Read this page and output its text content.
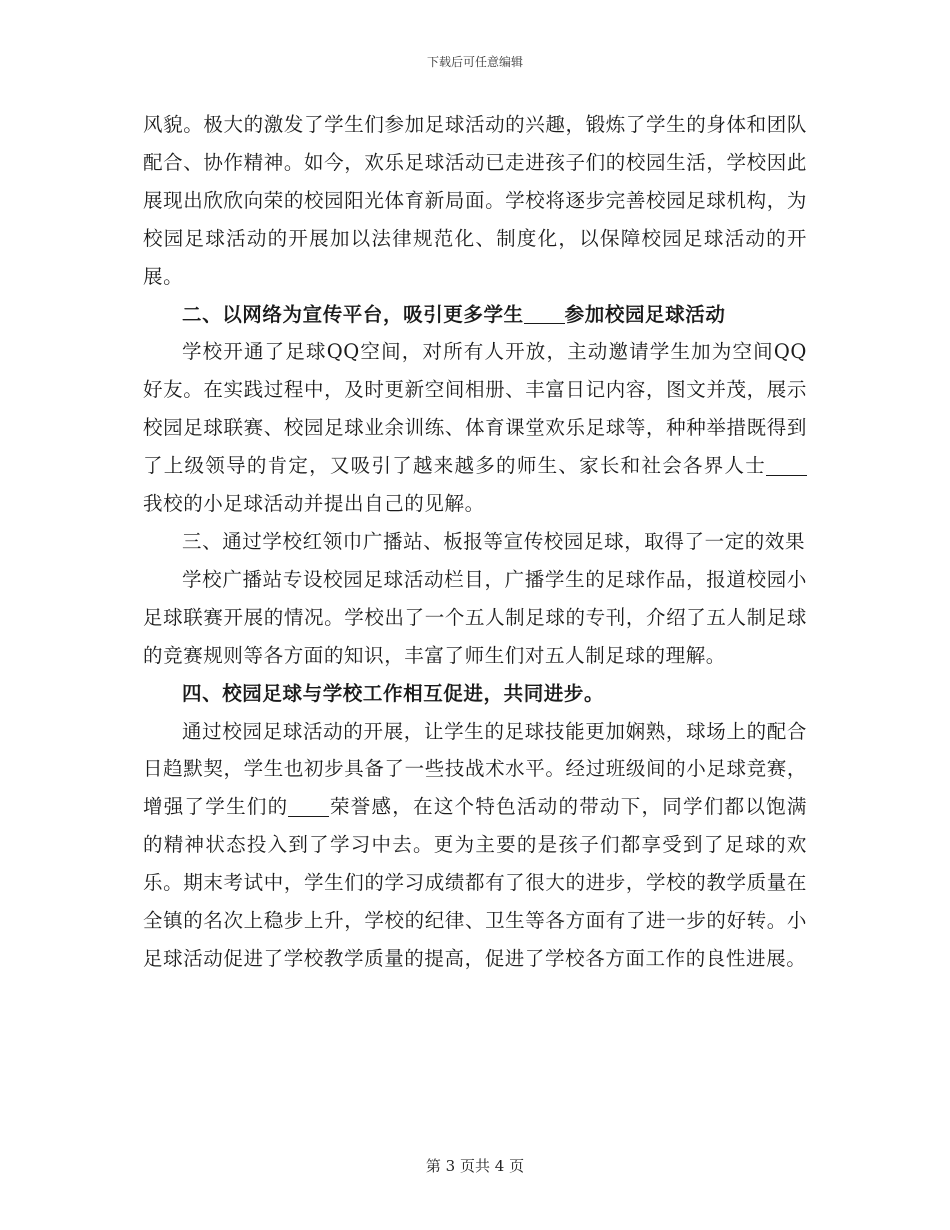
下载后可任意编辑

风貌。极大的激发了学生们参加足球活动的兴趣，锻炼了学生的身体和团队配合、协作精神。如今，欢乐足球活动已走进孩子们的校园生活，学校因此展现出欣欣向荣的校园阳光体育新局面。学校将逐步完善校园足球机构，为校园足球活动的开展加以法律规范化、制度化，以保障校园足球活动的开展。

二、以网络为宣传平台，吸引更多学生 参加校园足球活动

学校开通了足球QQ空间，对所有人开放，主动邀请学生加为空间QQ好友。在实践过程中，及时更新空间相册、丰富日记内容，图文并茂，展示校园足球联赛、校园足球业余训练、体育课堂欢乐足球等，种种举措既得到了上级领导的肯定，又吸引了越来越多的师生、家长和社会各界人士我校的小足球活动并提出自己的见解。

三、通过学校红领巾广播站、板报等宣传校园足球，取得了一定的效果

学校广播站专设校园足球活动栏目，广播学生的足球作品，报道校园小足球联赛开展的情况。学校出了一个五人制足球的专刊，介绍了五人制足球的竞赛规则等各方面的知识，丰富了师生们对五人制足球的理解。

四、校园足球与学校工作相互促进，共同进步。

通过校园足球活动的开展，让学生的足球技能更加娴熟，球场上的配合日趋默契，学生也初步具备了一些技战术水平。经过班级间的小足球竞赛，增强了学生们的 荣誉感，在这个特色活动的带动下，同学们都以饱满的精神状态投入到了学习中去。更为主要的是孩子们都享受到了足球的欢乐。期末考试中，学生们的学习成绩都有了很大的进步，学校的教学质量在全镇的名次上稳步上升，学校的纪律、卫生等各方面有了进一步的好转。小足球活动促进了学校教学质量的提高，促进了学校各方面工作的良性进展。

第 3 页共 4 页
